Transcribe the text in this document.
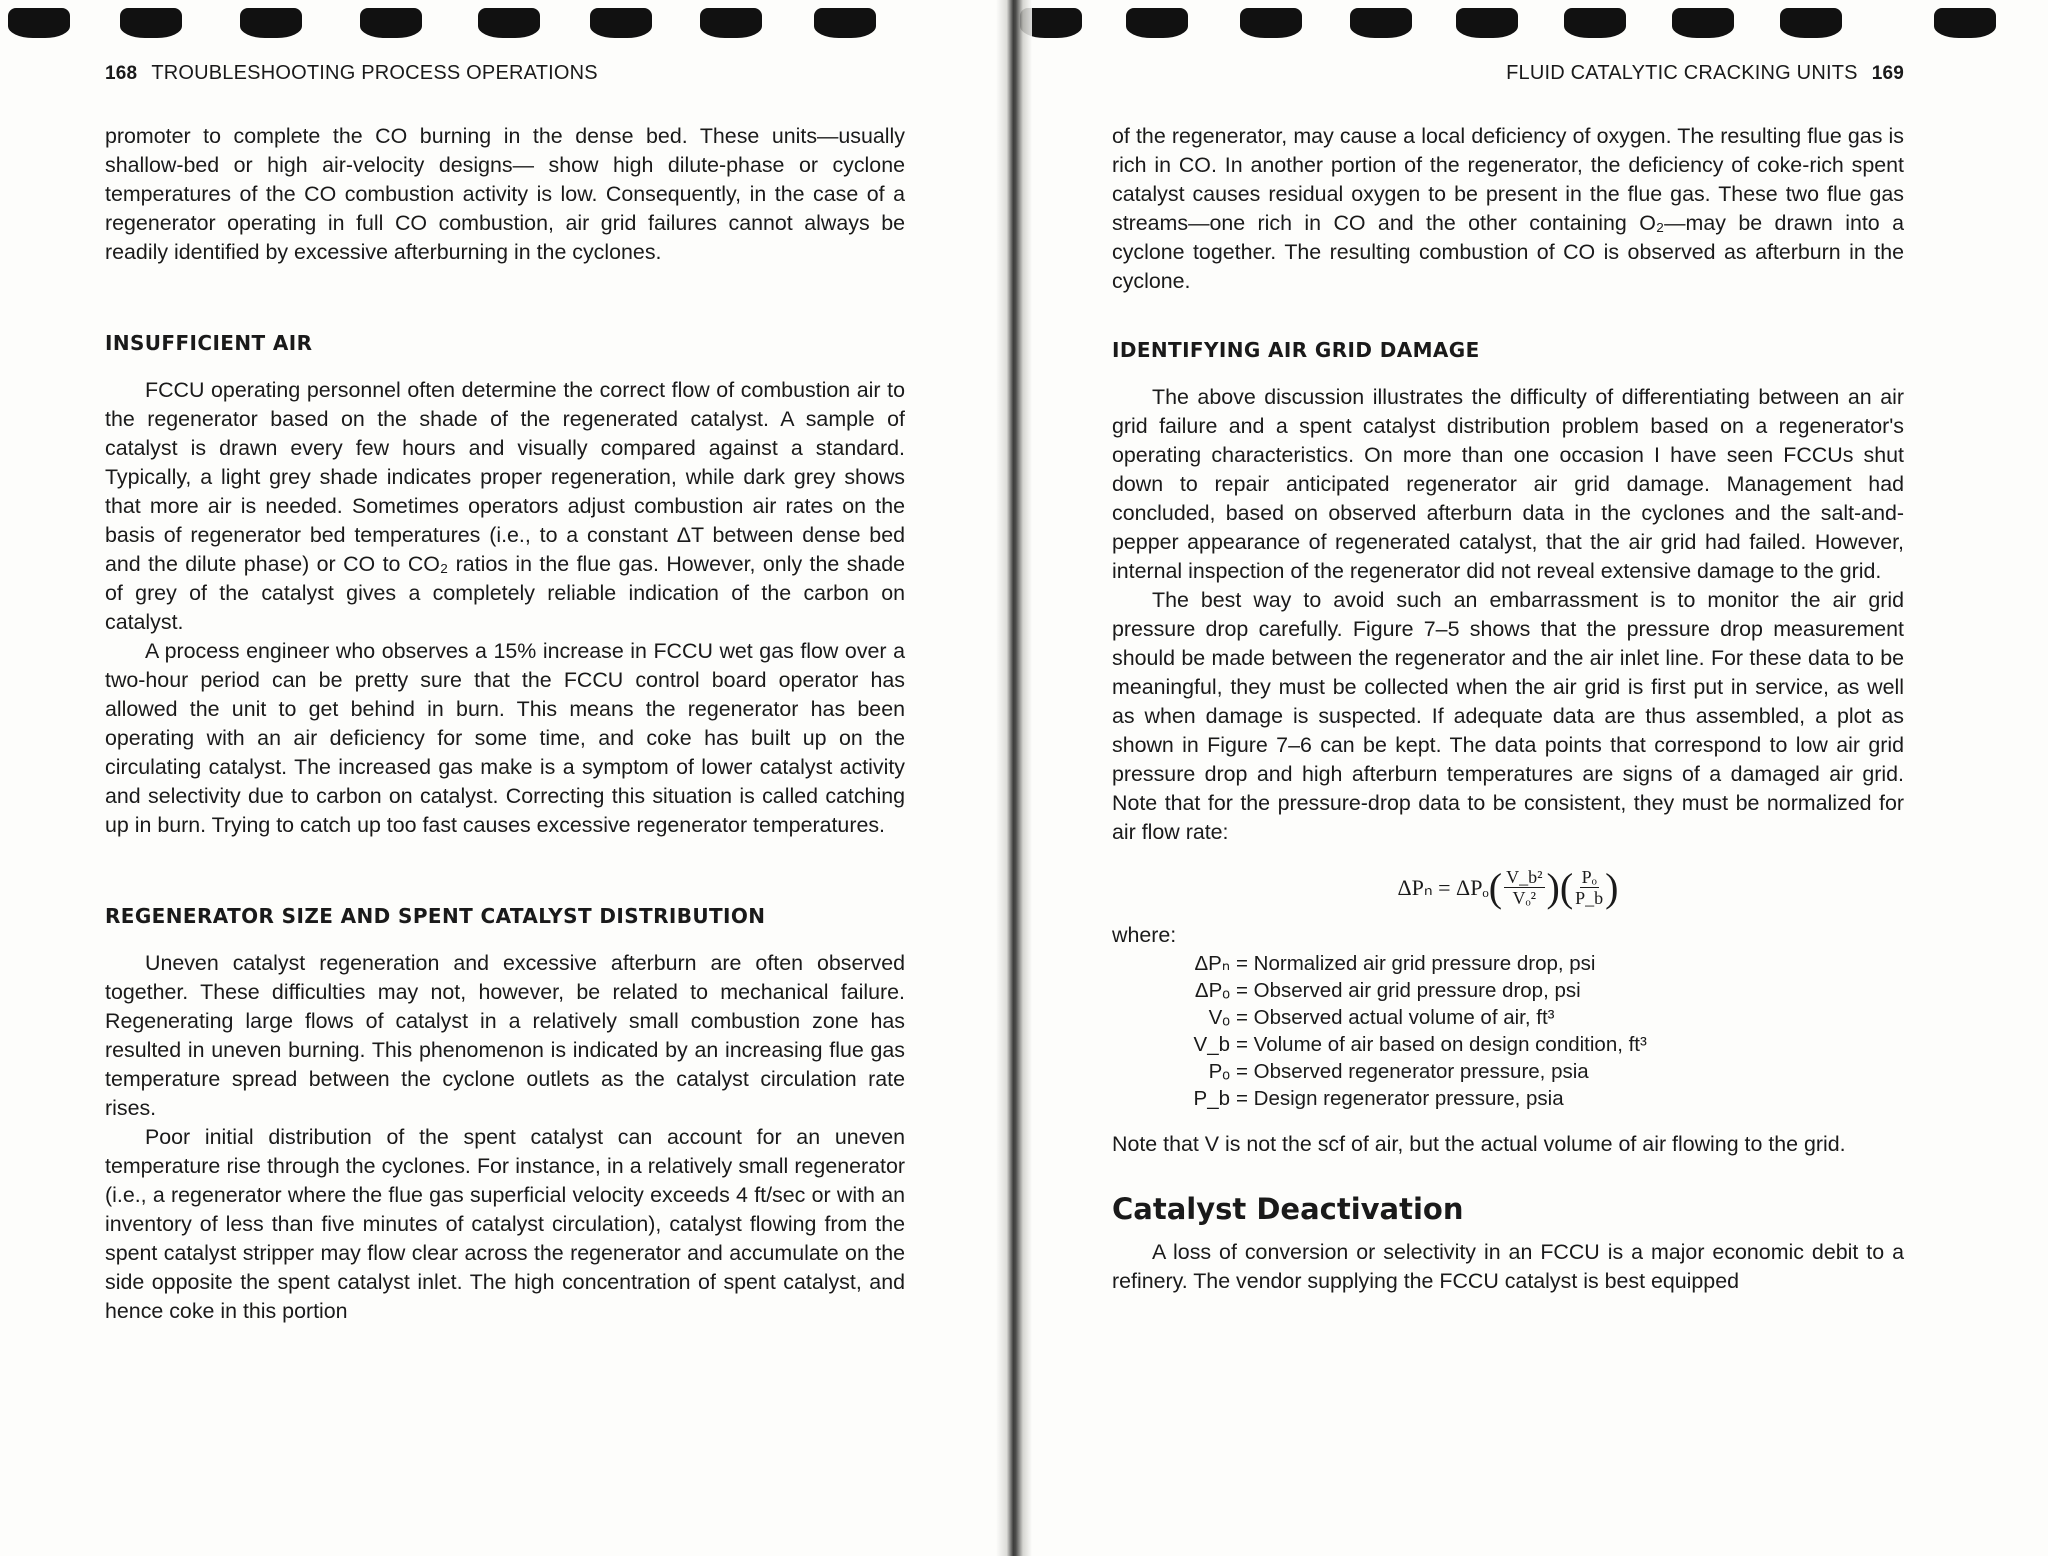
168 TROUBLESHOOTING PROCESS OPERATIONS

promoter to complete the CO burning in the dense bed. These units—usually shallow-bed or high air-velocity designs— show high dilute-phase or cyclone temperatures of the CO combustion activity is low. Consequently, in the case of a regenerator operating in full CO combustion, air grid failures cannot always be readily identified by excessive afterburning in the cyclones.

INSUFFICIENT AIR

FCCU operating personnel often determine the correct flow of combustion air to the regenerator based on the shade of the regenerated catalyst. A sample of catalyst is drawn every few hours and visually compared against a standard. Typically, a light grey shade indicates proper regeneration, while dark grey shows that more air is needed. Sometimes operators adjust combustion air rates on the basis of regenerator bed temperatures (i.e., to a constant ΔT between dense bed and the dilute phase) or CO to CO₂ ratios in the flue gas. However, only the shade of grey of the catalyst gives a completely reliable indication of the carbon on catalyst.

A process engineer who observes a 15% increase in FCCU wet gas flow over a two-hour period can be pretty sure that the FCCU control board operator has allowed the unit to get behind in burn. This means the regenerator has been operating with an air deficiency for some time, and coke has built up on the circulating catalyst. The increased gas make is a symptom of lower catalyst activity and selectivity due to carbon on catalyst. Correcting this situation is called catching up in burn. Trying to catch up too fast causes excessive regenerator temperatures.

REGENERATOR SIZE AND SPENT CATALYST DISTRIBUTION

Uneven catalyst regeneration and excessive afterburn are often observed together. These difficulties may not, however, be related to mechanical failure. Regenerating large flows of catalyst in a relatively small combustion zone has resulted in uneven burning. This phenomenon is indicated by an increasing flue gas temperature spread between the cyclone outlets as the catalyst circulation rate rises.

Poor initial distribution of the spent catalyst can account for an uneven temperature rise through the cyclones. For instance, in a relatively small regenerator (i.e., a regenerator where the flue gas superficial velocity exceeds 4 ft/sec or with an inventory of less than five minutes of catalyst circulation), catalyst flowing from the spent catalyst stripper may flow clear across the regenerator and accumulate on the side opposite the spent catalyst inlet. The high concentration of spent catalyst, and hence coke in this portion

FLUID CATALYTIC CRACKING UNITS 169

of the regenerator, may cause a local deficiency of oxygen. The resulting flue gas is rich in CO. In another portion of the regenerator, the deficiency of coke-rich spent catalyst causes residual oxygen to be present in the flue gas. These two flue gas streams—one rich in CO and the other containing O₂—may be drawn into a cyclone together. The resulting combustion of CO is observed as afterburn in the cyclone.

IDENTIFYING AIR GRID DAMAGE

The above discussion illustrates the difficulty of differentiating between an air grid failure and a spent catalyst distribution problem based on a regenerator's operating characteristics. On more than one occasion I have seen FCCUs shut down to repair anticipated regenerator air grid damage. Management had concluded, based on observed afterburn data in the cyclones and the salt-and-pepper appearance of regenerated catalyst, that the air grid had failed. However, internal inspection of the regenerator did not reveal extensive damage to the grid.

The best way to avoid such an embarrassment is to monitor the air grid pressure drop carefully. Figure 7–5 shows that the pressure drop measurement should be made between the regenerator and the air inlet line. For these data to be meaningful, they must be collected when the air grid is first put in service, as well as when damage is suspected. If adequate data are thus assembled, a plot as shown in Figure 7–6 can be kept. The data points that correspond to low air grid pressure drop and high afterburn temperatures are signs of a damaged air grid. Note that for the pressure-drop data to be consistent, they must be normalized for air flow rate:

ΔPₙ = ΔPₒ ( $\frac{\text{V\_b²}}{\text{Vₒ²}}$ ) ( $\frac{\text{Pₒ}}{P\_b}$ )
where:
ΔPₙ = Normalized air grid pressure drop, psi
ΔPₒ = Observed air grid pressure drop, psi
Vₒ = Observed actual volume of air, ft³
V_b = Volume of air based on design condition, ft³
Pₒ = Observed regenerator pressure, psia
P_b = Design regenerator pressure, psia

Note that V is not the scf of air, but the actual volume of air flowing to the grid.

Catalyst Deactivation

A loss of conversion or selectivity in an FCCU is a major economic debit to a refinery. The vendor supplying the FCCU catalyst is best equipped
